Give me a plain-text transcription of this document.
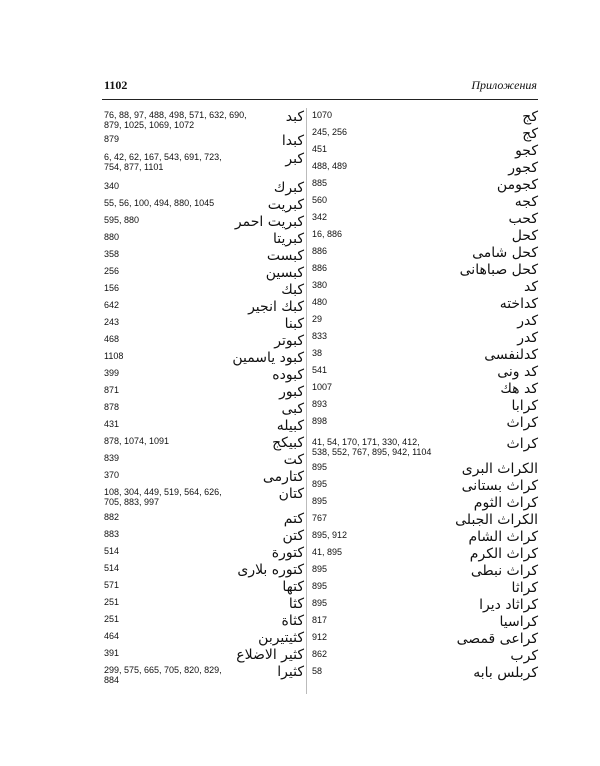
1102	Приложения
76, 88, 97, 488, 498, 571, 632, 690,
879, 1025, 1069, 1072	كبد
879	كبدا
6, 42, 62, 167, 543, 691, 723,
754, 877, 1101	كبر
340	كبرك
55, 56, 100, 494, 880, 1045	كبريت
595, 880	كبريت احمر
880	كبريتا
358	كبست
256	كبسين
156	كبك
642	كبك انجير
243	كبنا
468	كبوتر
1108	كبود ياسمين
399	كبوده
871	كبور
878	كبى
431	كبيله
878, 1074, 1091	كبيكج
839	كت
370	كتارمى
108, 304, 449, 519, 564, 626,
705, 883, 997	كتان
882	كتم
883	كتن
514	كتورة
514	كتوره بلارى
571	كتها
251	كثا
251	كثاة
464	كثيتيربن
391	كثير الاضلاع
299, 575, 665, 705, 820, 829,
884	كثيرا
1070	كج
245, 256	كج
451	كجو
488, 489	كجور
885	كجومن
560	كجه
342	كحب
16, 886	كحل
886	كحل شامى
886	كحل صباهانى
380	كد
480	كداخته
29	كدر
833	كدر
38	كدلنفسى
541	كد ونى
1007	كد هك
893	كرابا
898	كراث
41, 54, 170, 171, 330, 412,
538, 552, 767, 895, 942, 1104	كراث
895	الكراث البرى
895	كراث بستانى
895	كراث الثوم
767	الكراث الجبلى
895, 912	كراث الشام
41, 895	كراث الكرم
895	كراث نبطى
895	كراثا
895	كراثاد ديرا
817	كراسيا
912	كراعى قمصى
862	كرب
58	كربلس بابه
